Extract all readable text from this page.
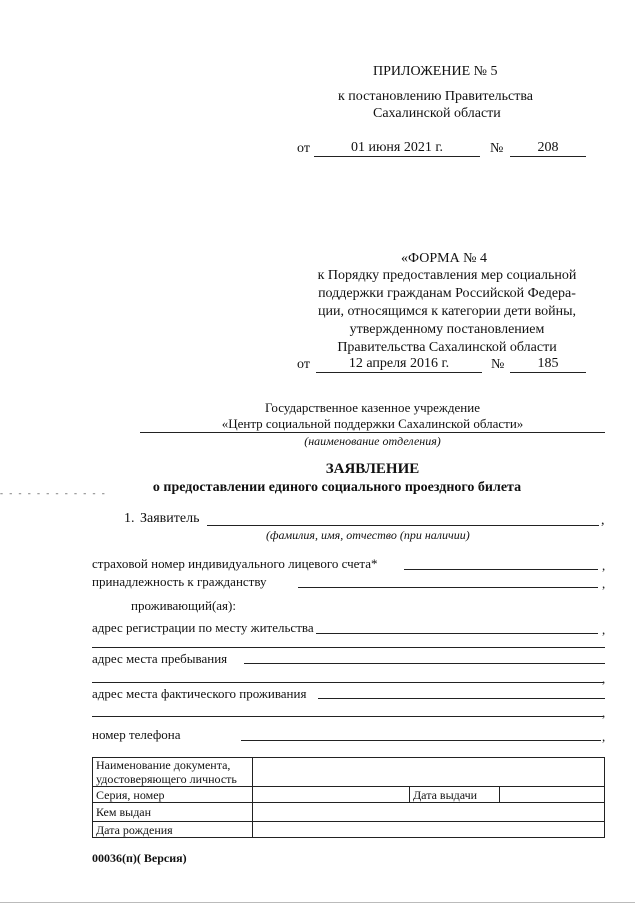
ПРИЛОЖЕНИЕ № 5
к постановлению Правительства
Сахалинской области
от	01 июня 2021 г.	№	208
«ФОРМА № 4
к Порядку предоставления мер социальной
поддержки гражданам Российской Федера-
ции, относящимся к категории дети войны,
утвержденному постановлением
Правительства Сахалинской области
от	12 апреля 2016 г.	№	185
Государственное казенное учреждение
«Центр социальной поддержки Сахалинской области»
(наименование отделения)
ЗАЯВЛЕНИЕ
о предоставлении единого социального проездного билета
- - - - - - - - - - - -
1. Заявитель	,
(фамилия, имя, отчество (при наличии)
страховой номер индивидуального лицевого счета*	,
принадлежность к гражданству	,
проживающий(ая):
адрес регистрации по месту жительства	,
адрес места пребывания
,
адрес места фактического проживания
,
номер телефона	,
Наименование документа,
удостоверяющего личность			

Серия, номер		Дата выдачи	
Кем выдан			
Дата рождения			
00036(п)( Версия)
